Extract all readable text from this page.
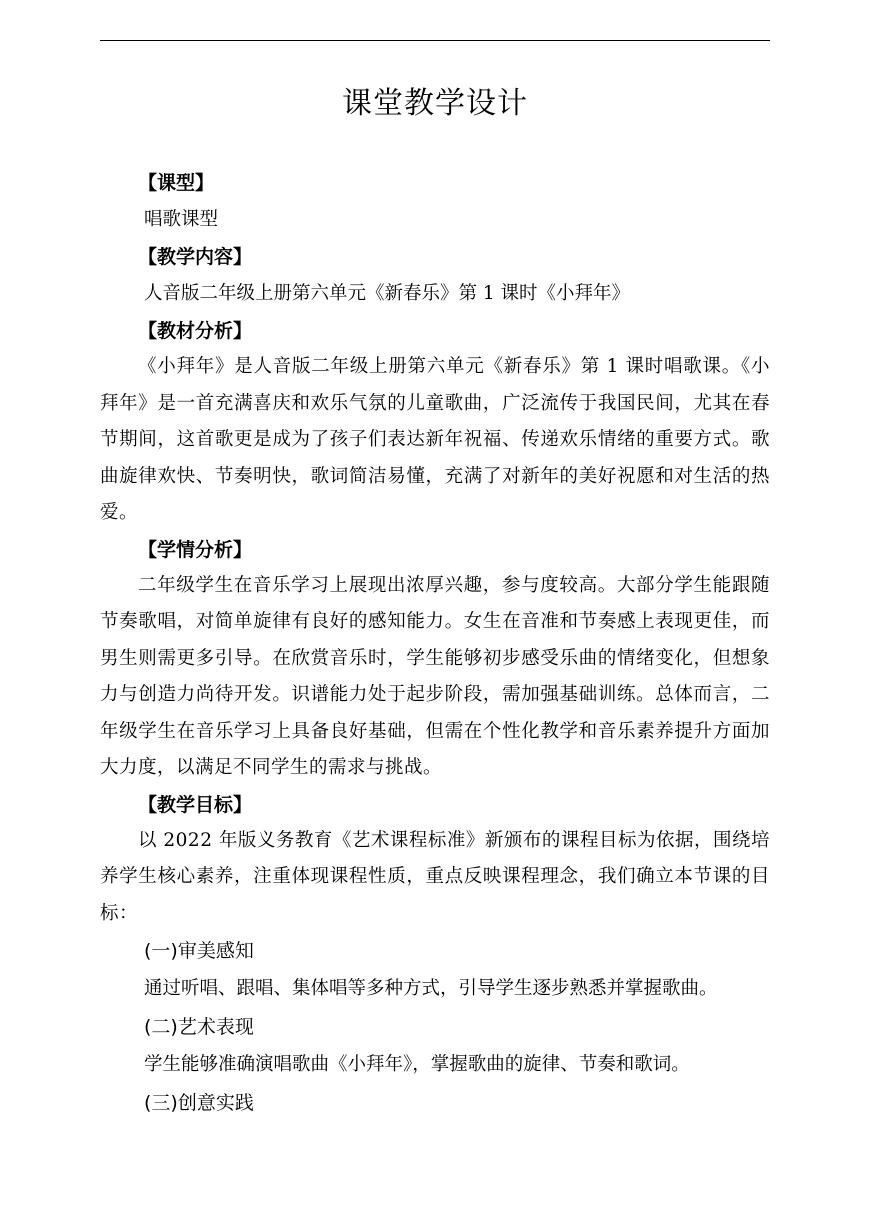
课堂教学设计
【课型】
唱歌课型
【教学内容】
人音版二年级上册第六单元《新春乐》第 1 课时《小拜年》
【教材分析】
《小拜年》是人音版二年级上册第六单元《新春乐》第 1 课时唱歌课。《小拜年》是一首充满喜庆和欢乐气氛的儿童歌曲，广泛流传于我国民间，尤其在春节期间，这首歌更是成为了孩子们表达新年祝福、传递欢乐情绪的重要方式。歌曲旋律欢快、节奏明快，歌词简洁易懂，充满了对新年的美好祝愿和对生活的热爱。
【学情分析】
二年级学生在音乐学习上展现出浓厚兴趣，参与度较高。大部分学生能跟随节奏歌唱，对简单旋律有良好的感知能力。女生在音准和节奏感上表现更佳，而男生则需更多引导。在欣赏音乐时，学生能够初步感受乐曲的情绪变化，但想象力与创造力尚待开发。识谱能力处于起步阶段，需加强基础训练。总体而言，二年级学生在音乐学习上具备良好基础，但需在个性化教学和音乐素养提升方面加大力度，以满足不同学生的需求与挑战。
【教学目标】
以 2022 年版义务教育《艺术课程标准》新颁布的课程目标为依据，围绕培养学生核心素养，注重体现课程性质，重点反映课程理念，我们确立本节课的目标：
(一)审美感知
通过听唱、跟唱、集体唱等多种方式，引导学生逐步熟悉并掌握歌曲。
(二)艺术表现
学生能够准确演唱歌曲《小拜年》，掌握歌曲的旋律、节奏和歌词。
(三)创意实践
